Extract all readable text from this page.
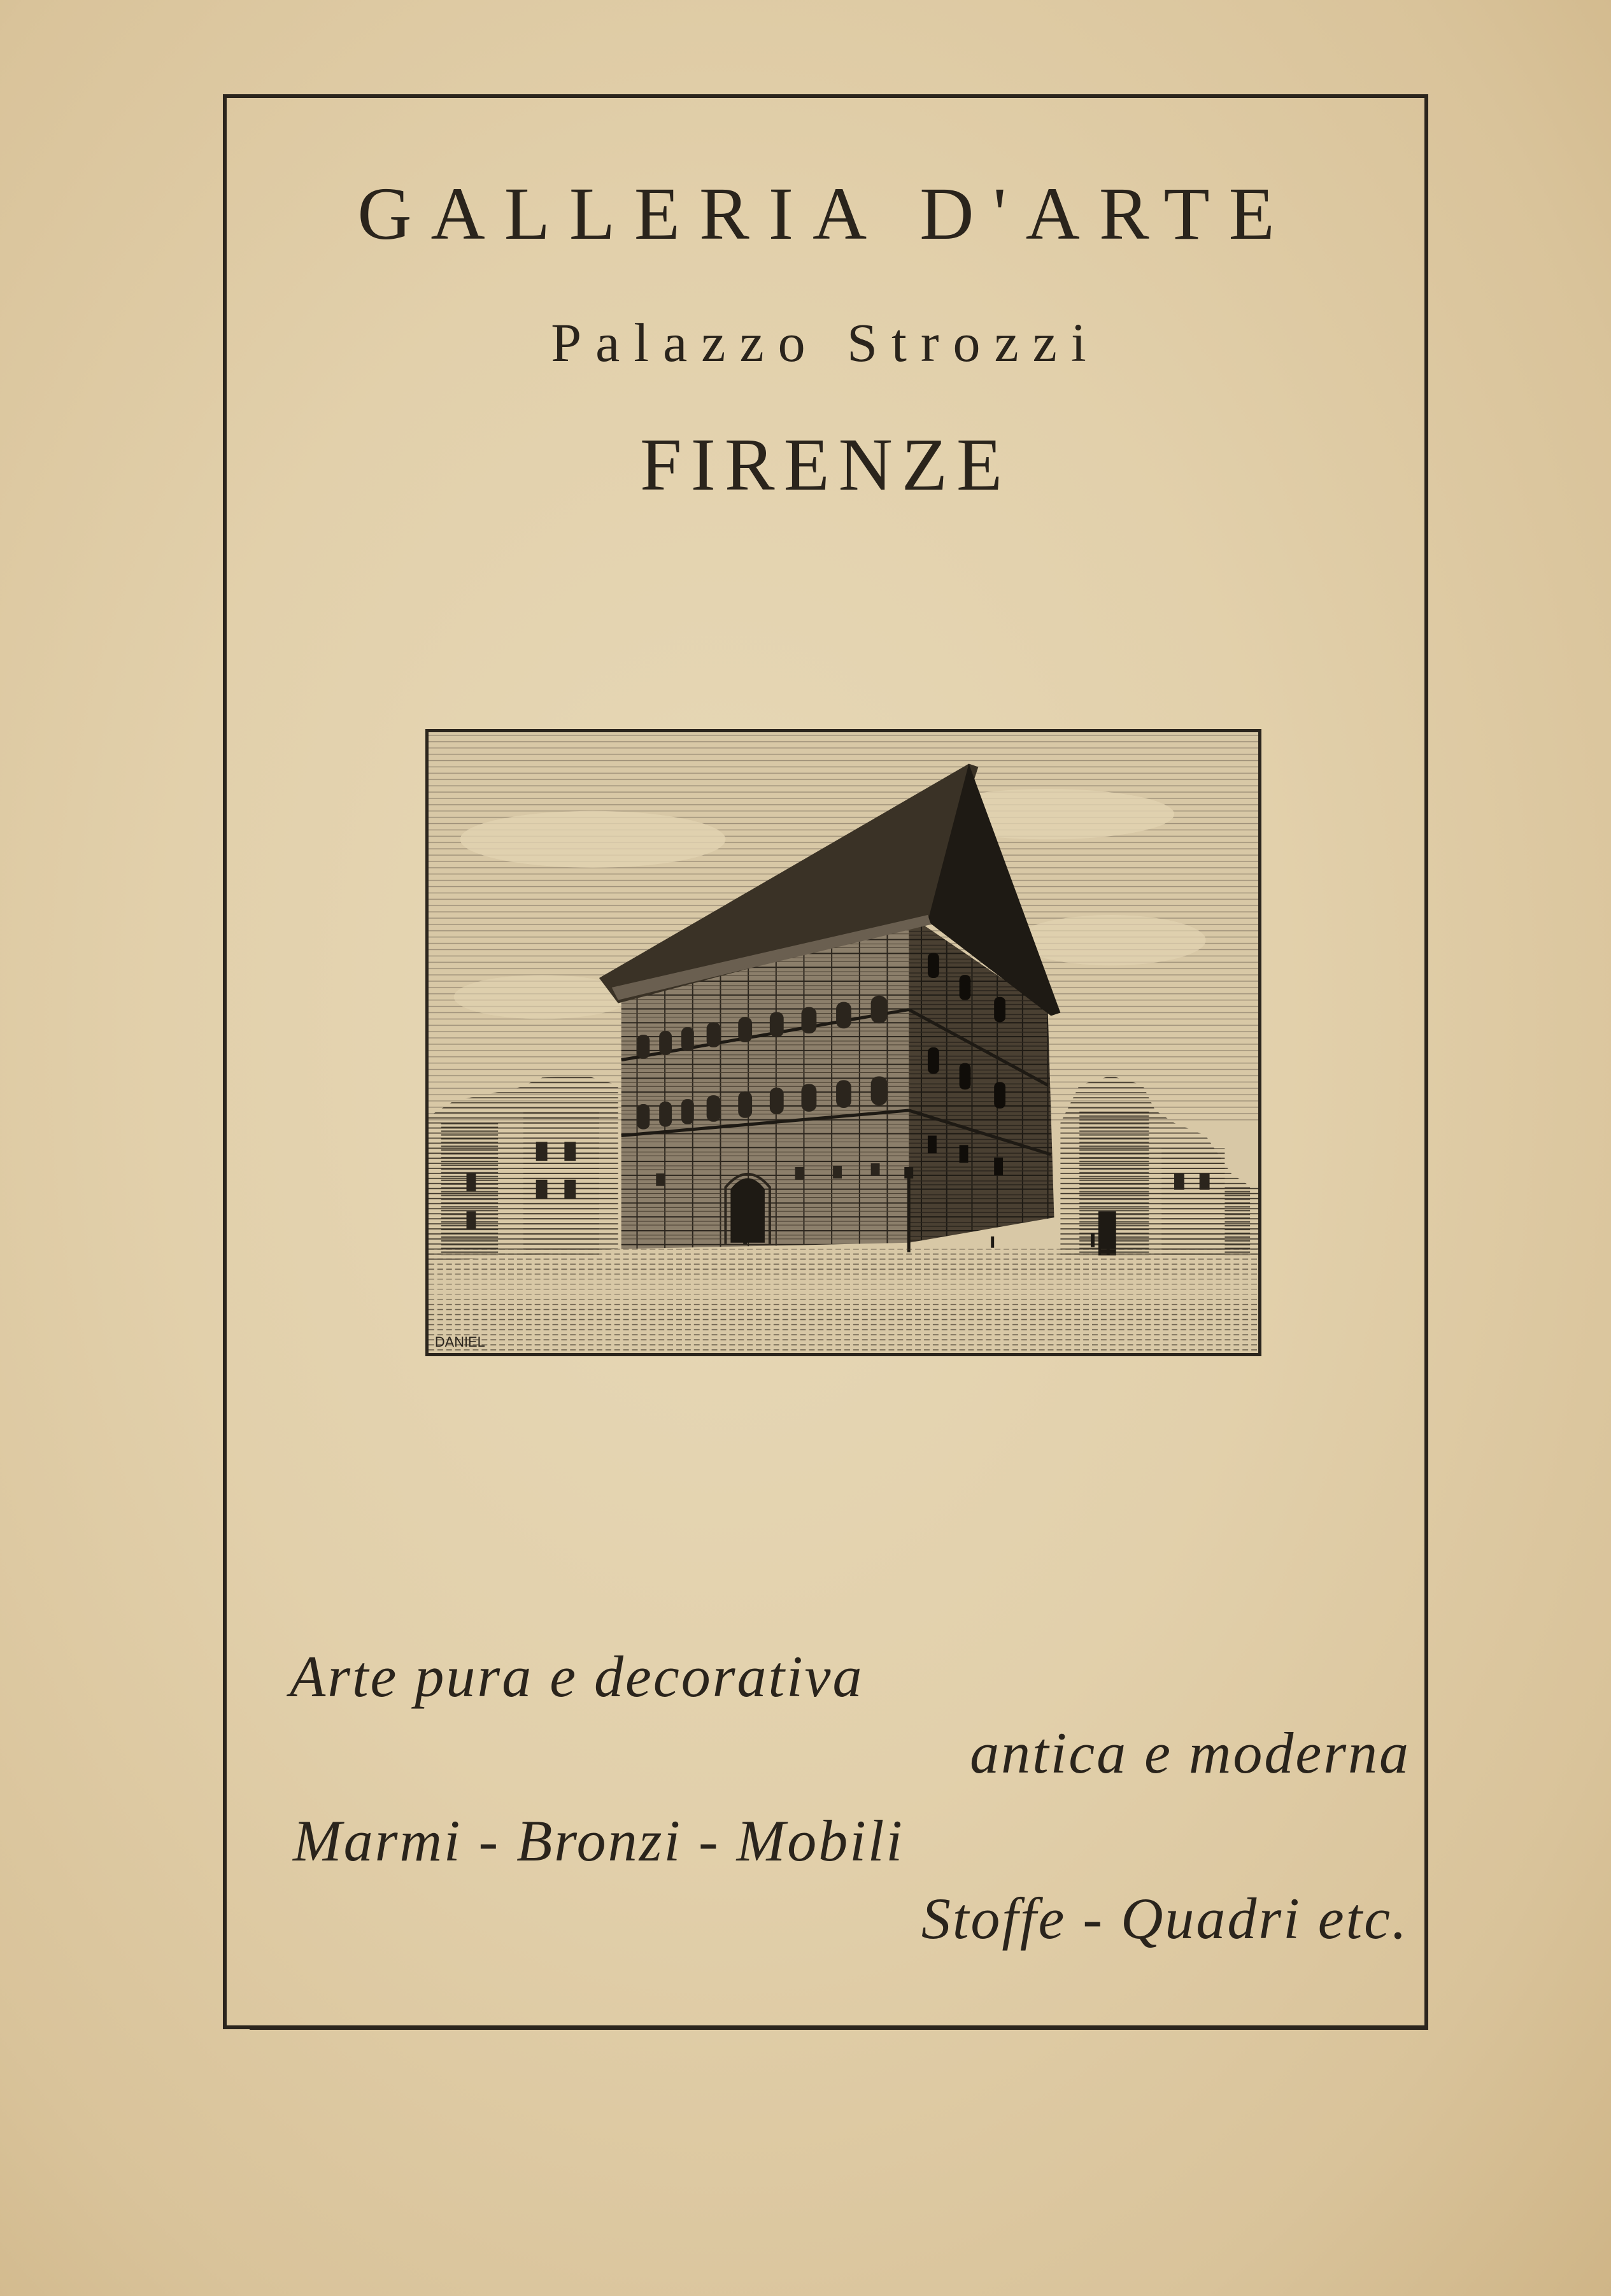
GALLERIA D'ARTE
Palazzo Strozzi
FIRENZE
DANIEL
Arte pura e decorativa
antica e moderna
Marmi - Bronzi - Mobili
Stoffe - Quadri etc.
